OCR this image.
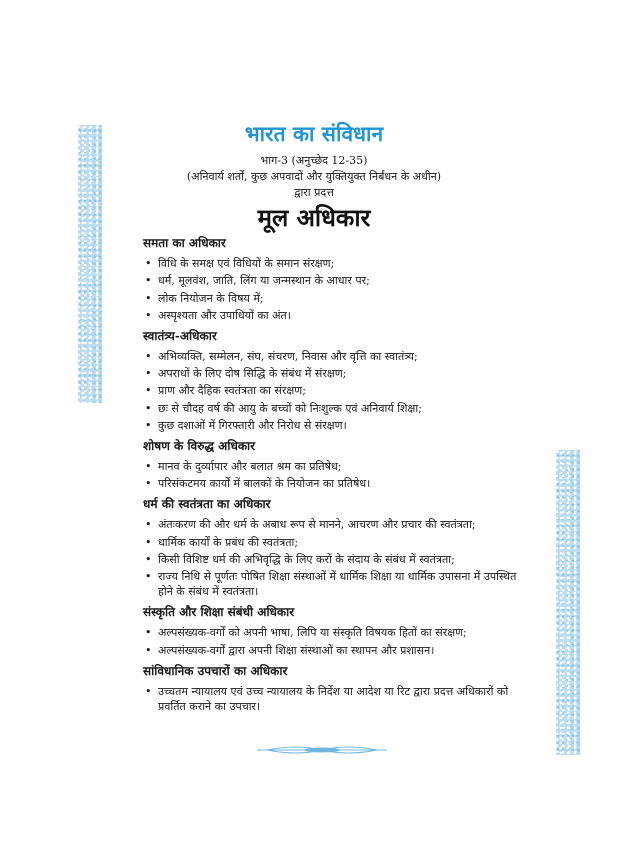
भारत का संविधान
भाग-3 (अनुच्छेद 12-35)
(अनिवार्य शर्तों, कुछ अपवादों और युक्तियुक्त निर्बंधन के अधीन)
द्वारा प्रदत्त
मूल अधिकार
समता का अधिकार
• विधि के समक्ष एवं विधियों के समान संरक्षण;
• धर्म, मूलवंश, जाति, लिंग या जन्मस्थान के आधार पर;
• लोक नियोजन के विषय में;
• अस्पृश्यता और उपाधियों का अंत।
स्वातंत्र्य-अधिकार
• अभिव्यक्ति, सम्मेलन, संघ, संचरण, निवास और वृत्ति का स्वातंत्र्य;
• अपराधों के लिए दोष सिद्धि के संबंध में संरक्षण;
• प्राण और दैहिक स्वतंत्रता का संरक्षण;
• छः से चौदह वर्ष की आयु के बच्चों को निःशुल्क एवं अनिवार्य शिक्षा;
• कुछ दशाओं में गिरफ्तारी और निरोध से संरक्षण।
शोषण के विरुद्ध अधिकार
• मानव के दुर्व्यापार और बलात श्रम का प्रतिषेध;
• परिसंकटमय कार्यों में बालकों के नियोजन का प्रतिषेध।
धर्म की स्वतंत्रता का अधिकार
• अंतःकरण की और धर्म के अबाध रूप से मानने, आचरण और प्रचार की स्वतंत्रता;
• धार्मिक कार्यों के प्रबंध की स्वतंत्रता;
• किसी विशिष्ट धर्म की अभिवृद्धि के लिए करों के संदाय के संबंध में स्वतंत्रता;
• राज्य निधि से पूर्णतः पोषित शिक्षा संस्थाओं में धार्मिक शिक्षा या धार्मिक उपासना में उपस्थित होने के संबंध में स्वतंत्रता।
संस्कृति और शिक्षा संबंधी अधिकार
• अल्पसंख्यक-वर्गों को अपनी भाषा, लिपि या संस्कृति विषयक हितों का संरक्षण;
• अल्पसंख्यक-वर्गों द्वारा अपनी शिक्षा संस्थाओं का स्थापन और प्रशासन।
सांविधानिक उपचारों का अधिकार
• उच्चतम न्यायालय एवं उच्च न्यायालय के निर्देश या आदेश या रिट द्वारा प्रदत्त अधिकारों को प्रवर्तित कराने का उपचार।
